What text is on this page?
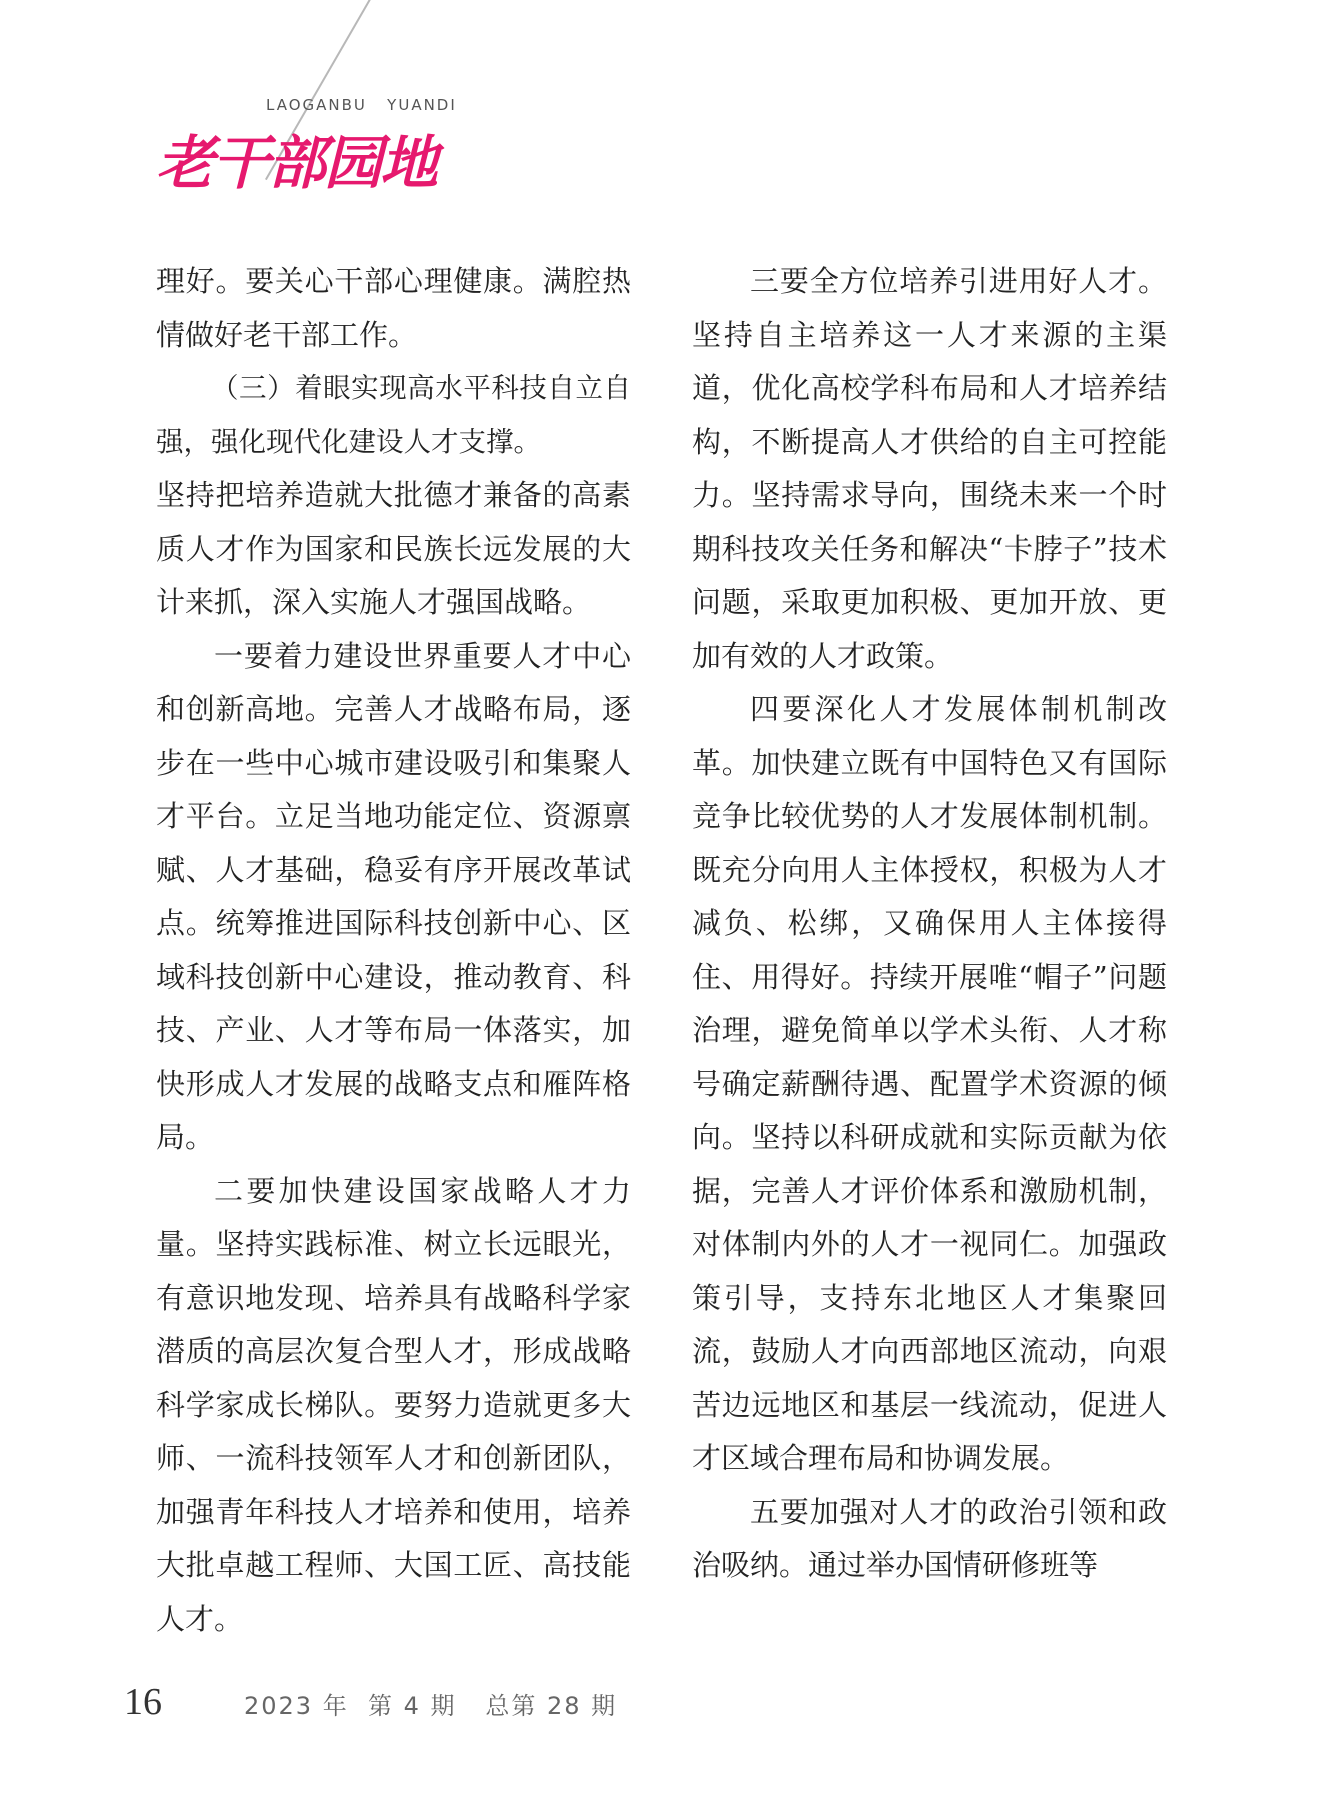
LAOGANBU   YUANDI
老干部园地

理好。要关心干部心理健康。满腔热情做好老干部工作。

（三）着眼实现高水平科技自立自强，强化现代化建设人才支撑。

坚持把培养造就大批德才兼备的高素质人才作为国家和民族长远发展的大计来抓，深入实施人才强国战略。

一要着力建设世界重要人才中心和创新高地。完善人才战略布局，逐步在一些中心城市建设吸引和集聚人才平台。立足当地功能定位、资源禀赋、人才基础，稳妥有序开展改革试点。统筹推进国际科技创新中心、区域科技创新中心建设，推动教育、科技、产业、人才等布局一体落实，加快形成人才发展的战略支点和雁阵格局。

二要加快建设国家战略人才力量。坚持实践标准、树立长远眼光，有意识地发现、培养具有战略科学家潜质的高层次复合型人才，形成战略科学家成长梯队。要努力造就更多大师、一流科技领军人才和创新团队，加强青年科技人才培养和使用，培养大批卓越工程师、大国工匠、高技能人才。

三要全方位培养引进用好人才。坚持自主培养这一人才来源的主渠道，优化高校学科布局和人才培养结构，不断提高人才供给的自主可控能力。坚持需求导向，围绕未来一个时期科技攻关任务和解决“卡脖子”技术问题，采取更加积极、更加开放、更加有效的人才政策。

四要深化人才发展体制机制改革。加快建立既有中国特色又有国际竞争比较优势的人才发展体制机制。既充分向用人主体授权，积极为人才减负、松绑，又确保用人主体接得住、用得好。持续开展唯“帽子”问题治理，避免简单以学术头衔、人才称号确定薪酬待遇、配置学术资源的倾向。坚持以科研成就和实际贡献为依据，完善人才评价体系和激励机制，对体制内外的人才一视同仁。加强政策引导，支持东北地区人才集聚回流，鼓励人才向西部地区流动，向艰苦边远地区和基层一线流动，促进人才区域合理布局和协调发展。

五要加强对人才的政治引领和政治吸纳。通过举办国情研修班等

16	2023 年  第 4 期   总第 28 期
